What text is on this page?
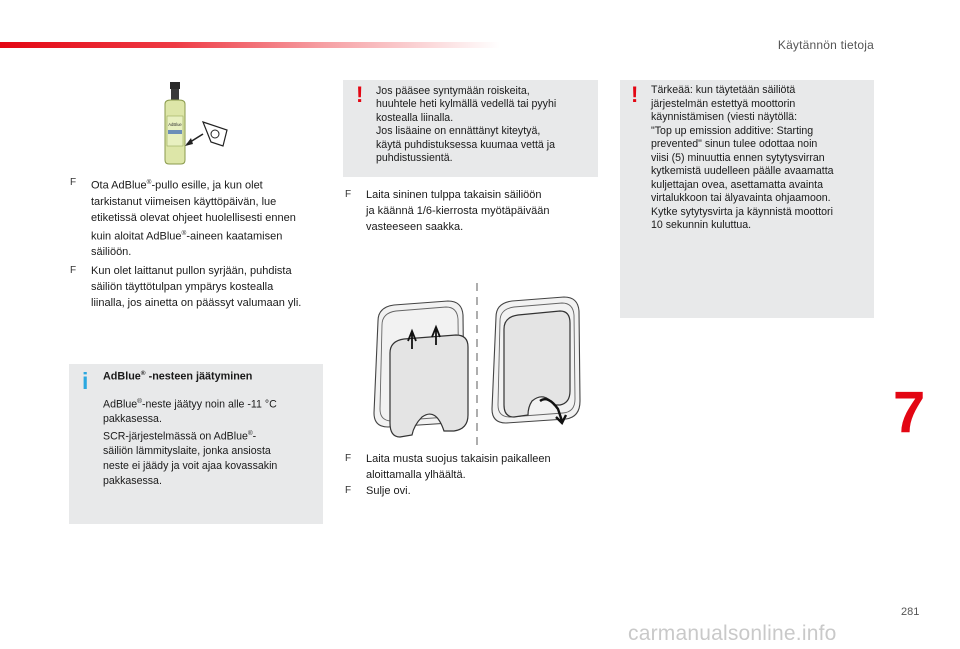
Käytännön tietoja
AdBlue
F Ota AdBlue®-pullo esille, ja kun olet
tarkistanut viimeisen käyttöpäivän, lue
etiketissä olevat ohjeet huolellisesti ennen
kuin aloitat AdBlue®-aineen kaatamisen
säiliöön.
F Kun olet laittanut pullon syrjään, puhdista
säiliön täyttötulpan ympärys kostealla
liinalla, jos ainetta on päässyt valumaan yli.
i AdBlue® -nesteen jäätyminen
AdBlue®-neste jäätyy noin alle -11 °C
pakkasessa.
SCR-järjestelmässä on AdBlue®-
säiliön lämmityslaite, jonka ansiosta
neste ei jäädy ja voit ajaa kovassakin
pakkasessa.
! Jos pääsee syntymään roiskeita,
huuhtele heti kylmällä vedellä tai pyyhi
kostealla liinalla.
Jos lisäaine on ennättänyt kiteytyä,
käytä puhdistuksessa kuumaa vettä ja
puhdistussientä.
F Laita sininen tulppa takaisin säiliöön
ja käännä 1/6-kierrosta myötäpäivään
vasteeseen saakka.
F Laita musta suojus takaisin paikalleen
aloittamalla ylhäältä.
F Sulje ovi.
! Tärkeää: kun täytetään säiliötä
järjestelmän estettyä moottorin
käynnistämisen (viesti näytöllä:
"Top up emission additive: Starting
prevented" sinun tulee odottaa noin
viisi (5) minuuttia ennen sytytysvirran
kytkemistä uudelleen päälle avaamatta
kuljettajan ovea, asettamatta avainta
virtalukkoon tai älyavainta ohjaamoon.
Kytke sytytysvirta ja käynnistä moottori
10 sekunnin kuluttua.
7
281
carmanualsonline.info
